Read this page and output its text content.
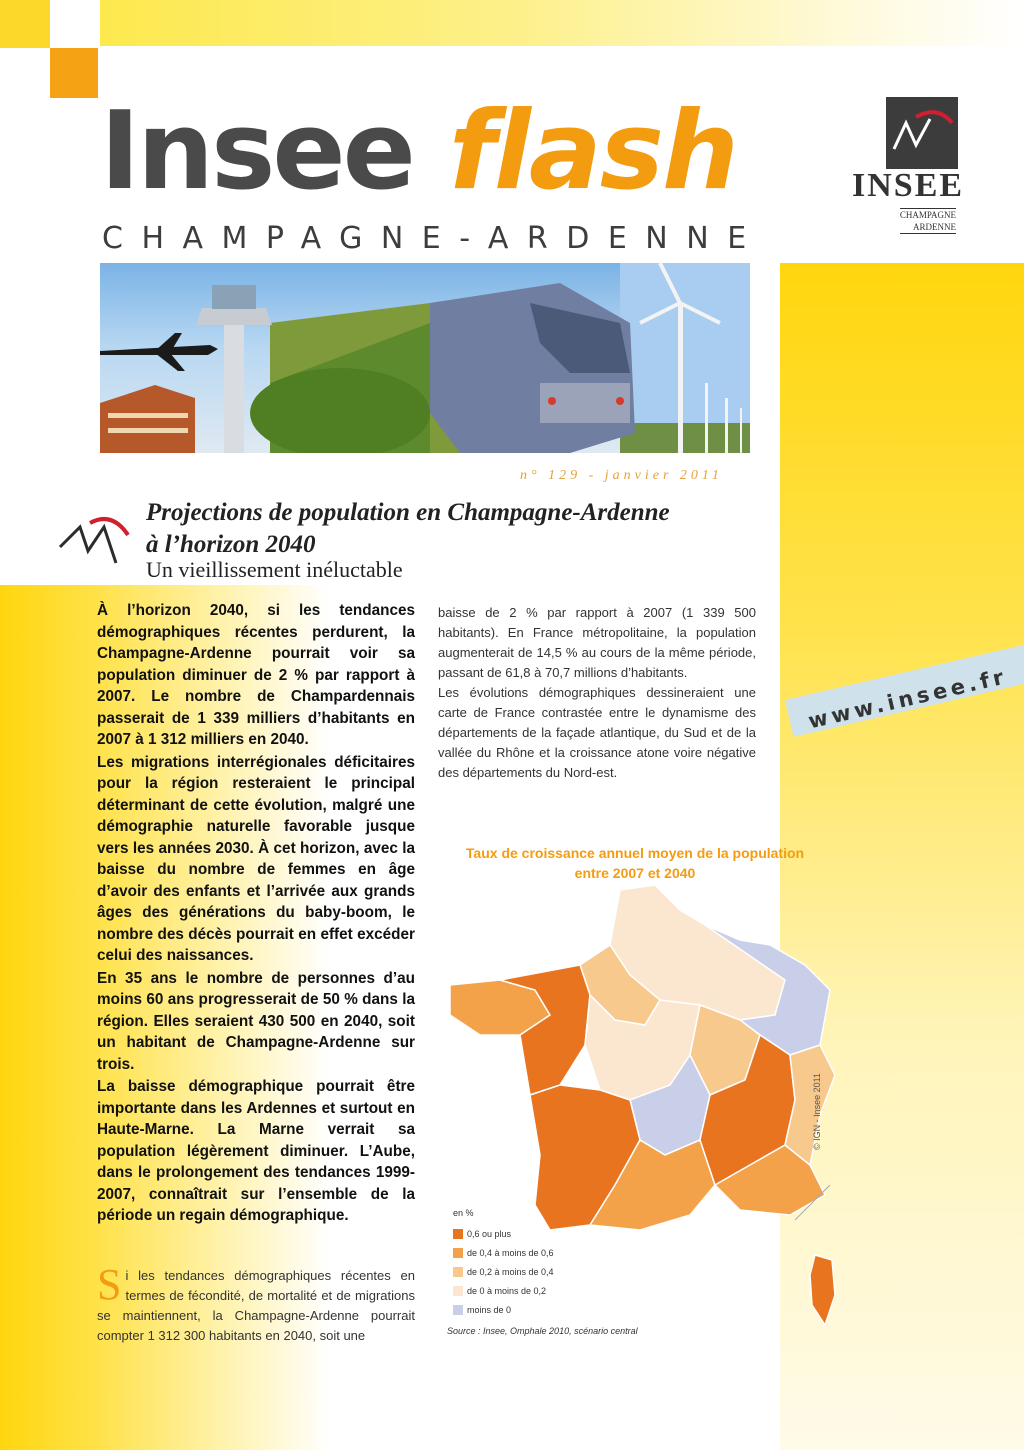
Insee flash
CHAMPAGNE-ARDENNE
INSEE
CHAMPAGNE
ARDENNE
n° 129 - janvier 2011
Projections de population en Champagne-Ardenne
à l’horizon 2040
Un vieillissement inéluctable

À l’horizon 2040, si les tendances démographiques récentes perdurent, la Champagne-Ardenne pourrait voir sa population diminuer de 2 % par rapport à 2007. Le nombre de Champardennais passerait de 1 339 milliers d’habitants en 2007 à 1 312 milliers en 2040.

Les migrations interrégionales déficitaires pour la région resteraient le principal déterminant de cette évolution, malgré une démographie naturelle favorable jusque vers les années 2030. À cet horizon, avec la baisse du nombre de femmes en âge d’avoir des enfants et l’arrivée aux grands âges des générations du baby-boom, le nombre des décès pourrait en effet excéder celui des naissances.

En 35 ans le nombre de personnes d’au moins 60 ans progresserait de 50 % dans la région. Elles seraient 430 500 en 2040, soit un habitant de Champagne-Ardenne sur trois.

La baisse démographique pourrait être importante dans les Ardennes et surtout en Haute-Marne. La Marne verrait sa population légèrement diminuer. L’Aube, dans le prolongement des tendances 1999-2007, connaîtrait sur l’ensemble de la période un regain démographique.

Si les tendances démographiques récentes en termes de fécondité, de mortalité et de migrations se maintiennent, la Champagne-Ardenne pourrait compter 1 312 300 habitants en 2040, soit une

baisse de 2 % par rapport à 2007 (1 339 500 habitants). En France métropolitaine, la population augmenterait de 14,5 % au cours de la même période, passant de 61,8 à 70,7 millions d’habitants.

Les évolutions démographiques dessineraient une carte de France contrastée entre le dynamisme des départements de la façade atlantique, du Sud et de la vallée du Rhône et la croissance atone voire négative des départements du Nord-est.

www.insee.fr
Taux de croissance annuel moyen de la population
entre 2007 et 2040
© IGN - Insee 2011
en %
0,6 ou plus
de 0,4 à moins de 0,6
de 0,2 à moins de 0,4
de 0 à moins de 0,2
moins de 0
Source : Insee, Omphale 2010, scénario central
